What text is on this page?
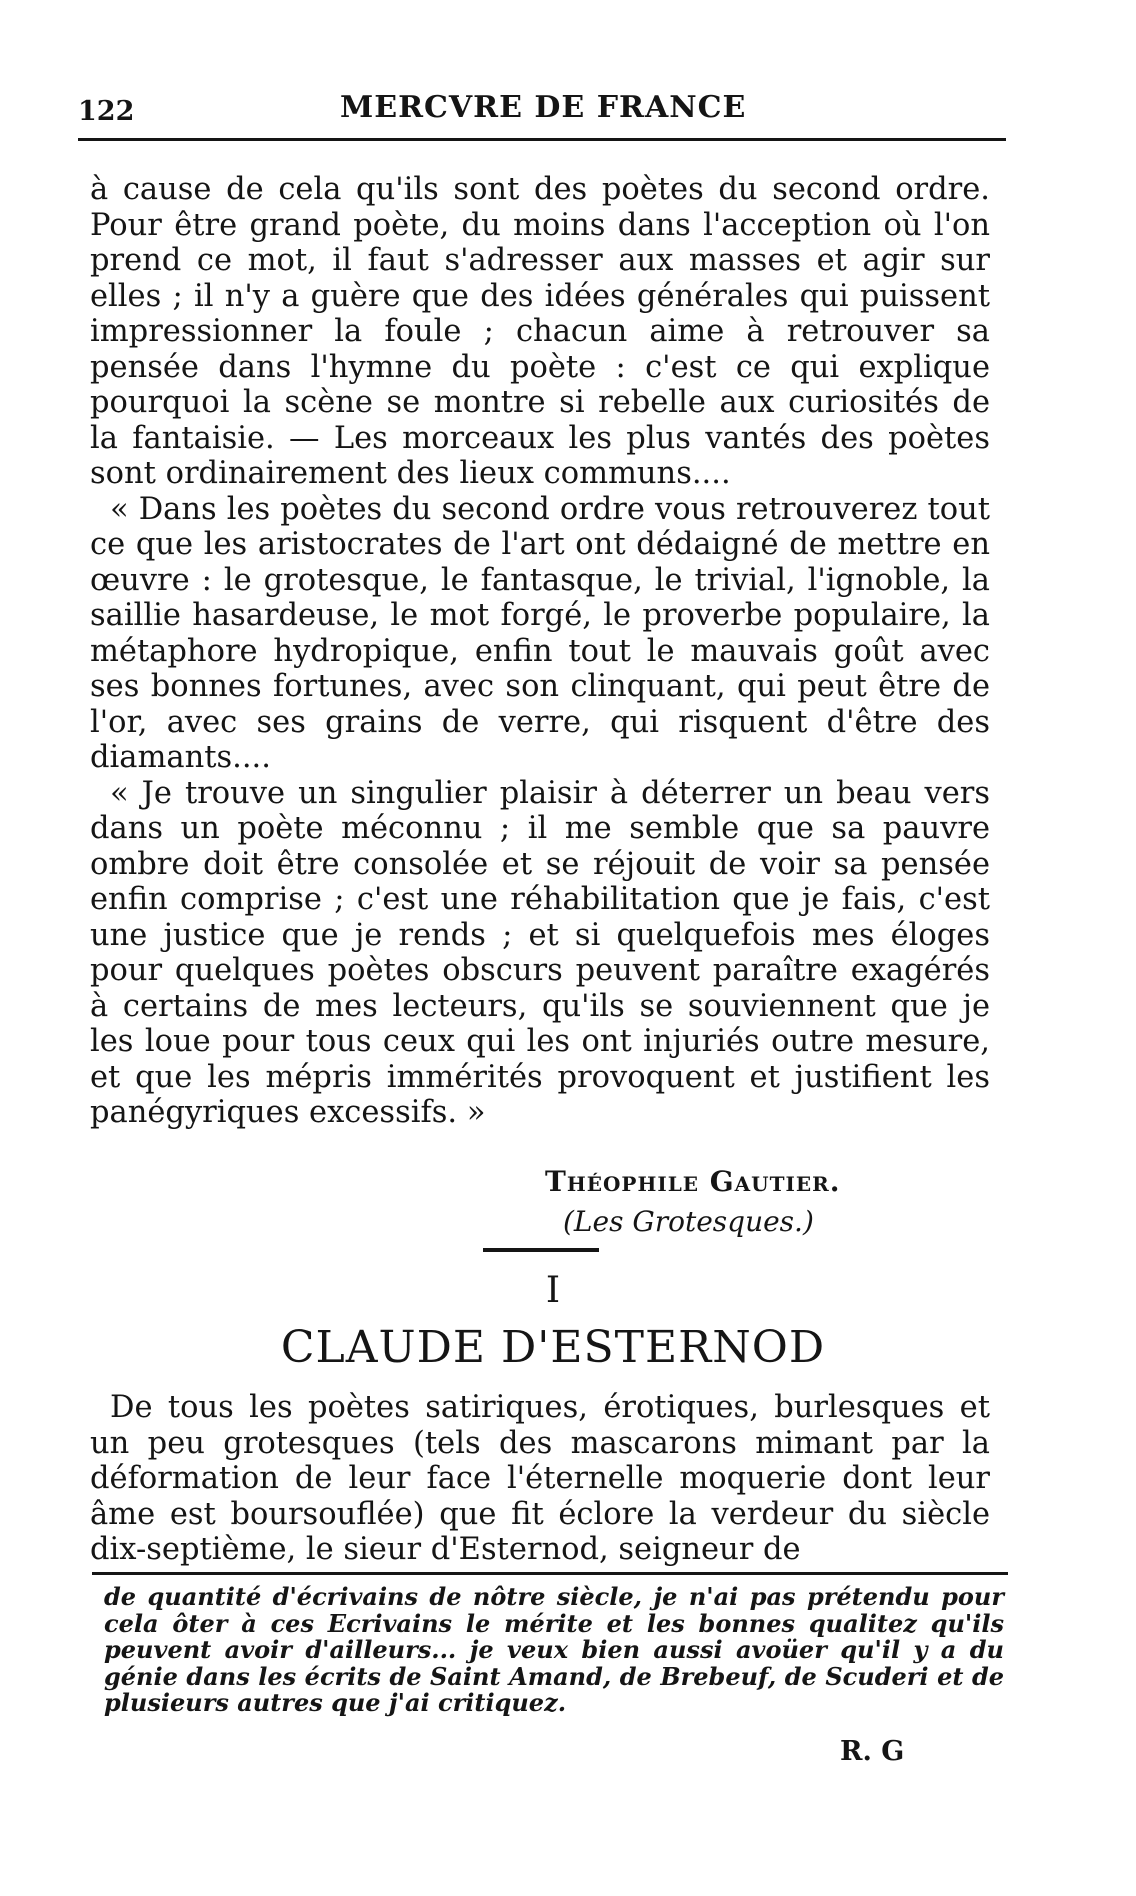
122	MERCVRE DE FRANCE

à cause de cela qu'ils sont des poètes du second ordre. Pour être grand poète, du moins dans l'acception où l'on prend ce mot, il faut s'adresser aux masses et agir sur elles ; il n'y a guère que des idées générales qui puissent impressionner la foule ; chacun aime à retrouver sa pensée dans l'hymne du poète : c'est ce qui explique pourquoi la scène se montre si rebelle aux curiosités de la fantaisie. — Les morceaux les plus vantés des poètes sont ordinairement des lieux communs....

« Dans les poètes du second ordre vous retrouverez tout ce que les aristocrates de l'art ont dédaigné de mettre en œuvre : le grotesque, le fantasque, le trivial, l'ignoble, la saillie hasardeuse, le mot forgé, le proverbe populaire, la métaphore hydropique, enfin tout le mauvais goût avec ses bonnes fortunes, avec son clinquant, qui peut être de l'or, avec ses grains de verre, qui risquent d'être des diamants....

« Je trouve un singulier plaisir à déterrer un beau vers dans un poète méconnu ; il me semble que sa pauvre ombre doit être consolée et se réjouit de voir sa pensée enfin comprise ; c'est une réhabilitation que je fais, c'est une justice que je rends ; et si quelquefois mes éloges pour quelques poètes obscurs peuvent paraître exagérés à certains de mes lecteurs, qu'ils se souviennent que je les loue pour tous ceux qui les ont injuriés outre mesure, et que les mépris immérités provoquent et justifient les panégyriques excessifs. »

Théophile Gautier.
(Les Grotesques.)
I
CLAUDE D'ESTERNOD

De tous les poètes satiriques, érotiques, burlesques et un peu grotesques (tels des mascarons mimant par la déformation de leur face l'éternelle moquerie dont leur âme est boursouflée) que fit éclore la verdeur du siècle dix-septième, le sieur d'Esternod, seigneur de

de quantité d'écrivains de nôtre siècle, je n'ai pas prétendu pour cela ôter à ces Ecrivains le mérite et les bonnes qualitez qu'ils peuvent avoir d'ailleurs... je veux bien aussi avoüer qu'il y a du génie dans les écrits de Saint Amand, de Brebeuf, de Scuderi et de plusieurs autres que j'ai critiquez.

R. G
